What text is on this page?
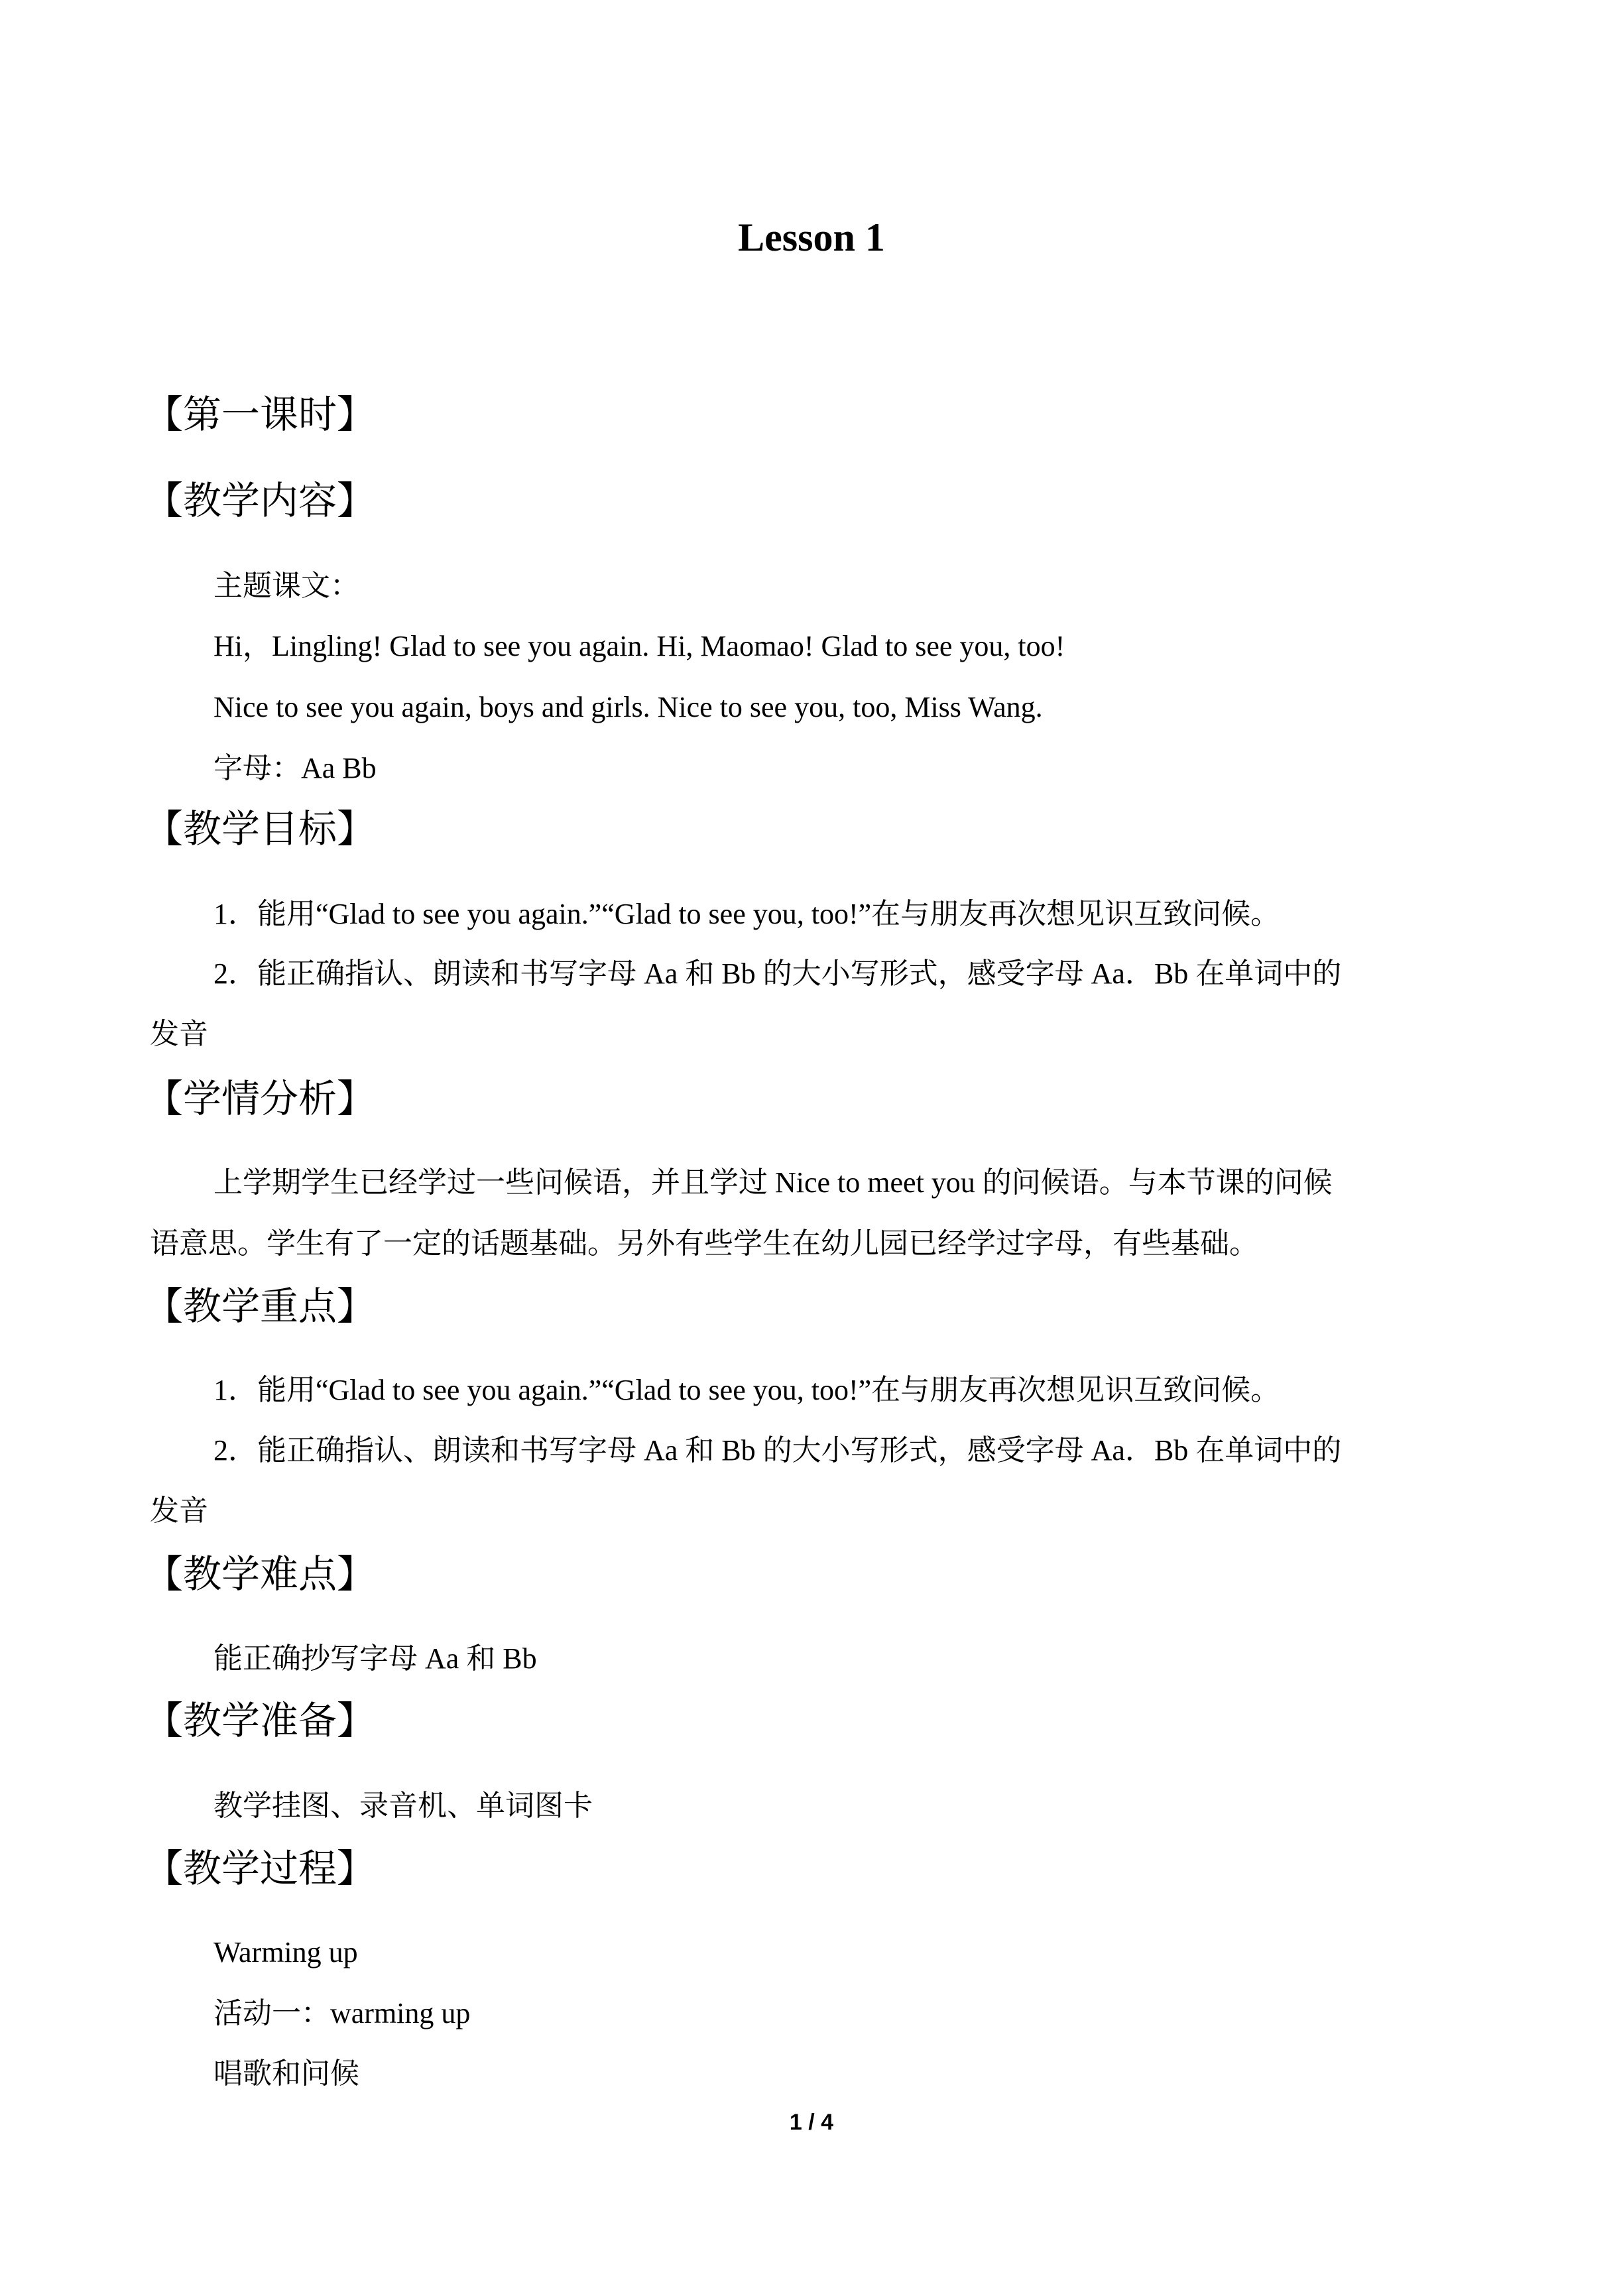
Lesson 1
【第一课时】
【教学内容】
主题课文：
Hi，Lingling! Glad to see you again. Hi, Maomao! Glad to see you, too!
Nice to see you again, boys and girls. Nice to see you, too, Miss Wang.
字母：Aa Bb
【教学目标】
1．能用“Glad to see you again.”“Glad to see you, too!”在与朋友再次想见识互致问候。
2．能正确指认、朗读和书写字母 Aa 和 Bb 的大小写形式，感受字母 Aa．Bb 在单词中的
发音
【学情分析】
上学期学生已经学过一些问候语，并且学过 Nice to meet you 的问候语。与本节课的问候
语意思。学生有了一定的话题基础。另外有些学生在幼儿园已经学过字母，有些基础。
【教学重点】
1．能用“Glad to see you again.”“Glad to see you, too!”在与朋友再次想见识互致问候。
2．能正确指认、朗读和书写字母 Aa 和 Bb 的大小写形式，感受字母 Aa．Bb 在单词中的
发音
【教学难点】
能正确抄写字母 Aa 和 Bb
【教学准备】
教学挂图、录音机、单词图卡
【教学过程】
Warming up
活动一：warming up
唱歌和问候
1 / 4
